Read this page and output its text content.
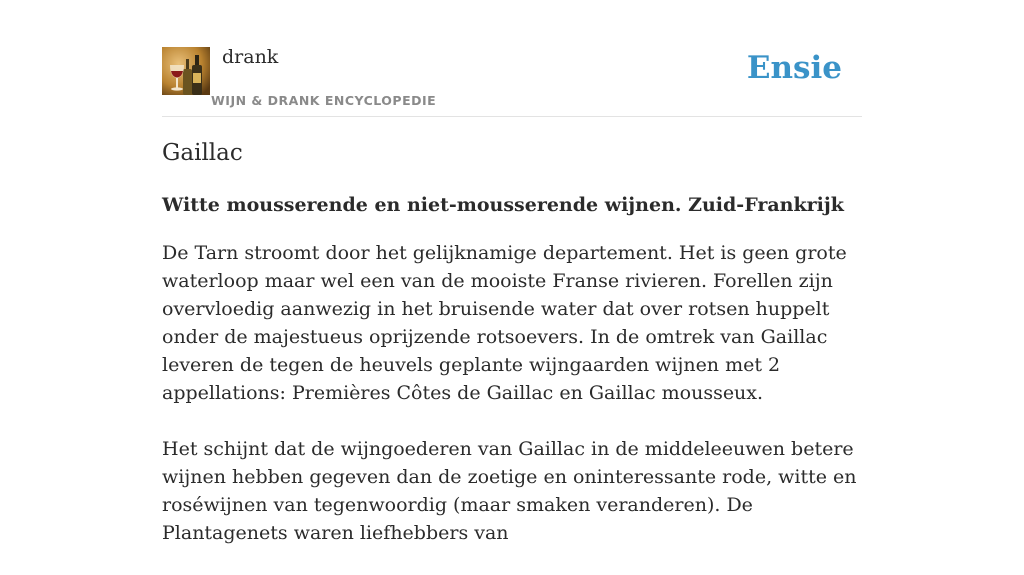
drank
WIJN & DRANK ENCYCLOPEDIE
Ensie
Gaillac
Witte mousserende en niet-mousserende wijnen. Zuid-Frankrijk

De Tarn stroomt door het gelijknamige departement. Het is geen grote waterloop maar wel een van de mooiste Franse rivieren. Forellen zijn overvloedig aanwezig in het bruisende water dat over rotsen huppelt onder de majestueus oprijzende rotsoevers. In de omtrek van Gaillac leveren de tegen de heuvels geplante wijngaarden wijnen met 2 appellations: Premières Côtes de Gaillac en Gaillac mousseux.

Het schijnt dat de wijngoederen van Gaillac in de middeleeuwen betere wijnen hebben gegeven dan de zoetige en oninteressante rode, witte en roséwijnen van tegenwoordig (maar smaken veranderen). De Plantagenets waren liefhebbers van
